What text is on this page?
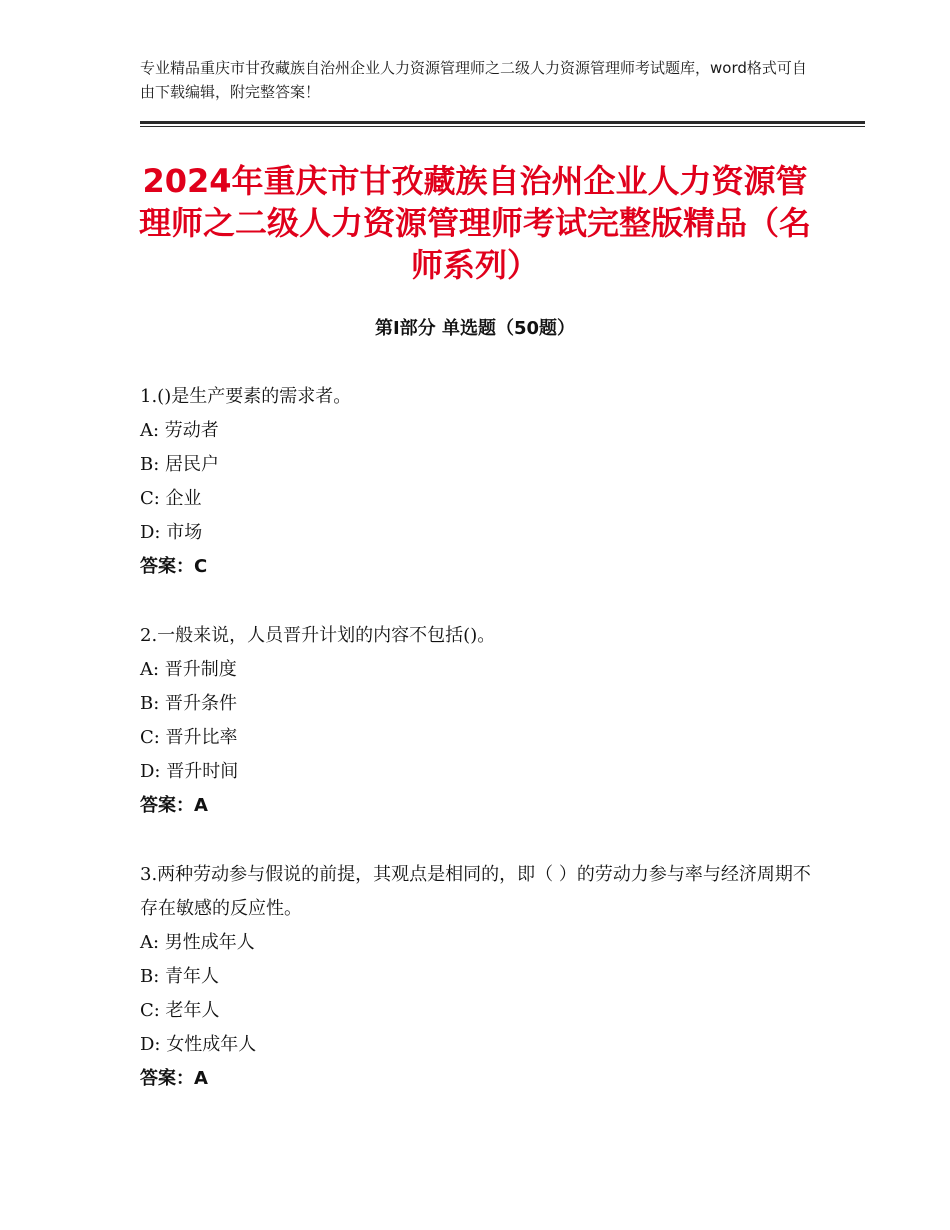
专业精品重庆市甘孜藏族自治州企业人力资源管理师之二级人力资源管理师考试题库，word格式可自由下载编辑，附完整答案！

2024年重庆市甘孜藏族自治州企业人力资源管理师之二级人力资源管理师考试完整版精品（名师系列）
第Ⅰ部分 单选题（50题）

1.()是生产要素的需求者。

A: 劳动者

B: 居民户

C: 企业

D: 市场

答案：C

2.一般来说，人员晋升计划的内容不包括()。

A: 晋升制度

B: 晋升条件

C: 晋升比率

D: 晋升时间

答案：A

3.两种劳动参与假说的前提，其观点是相同的，即（ ）的劳动力参与率与经济周期不存在敏感的反应性。

A: 男性成年人

B: 青年人

C: 老年人

D: 女性成年人

答案：A
